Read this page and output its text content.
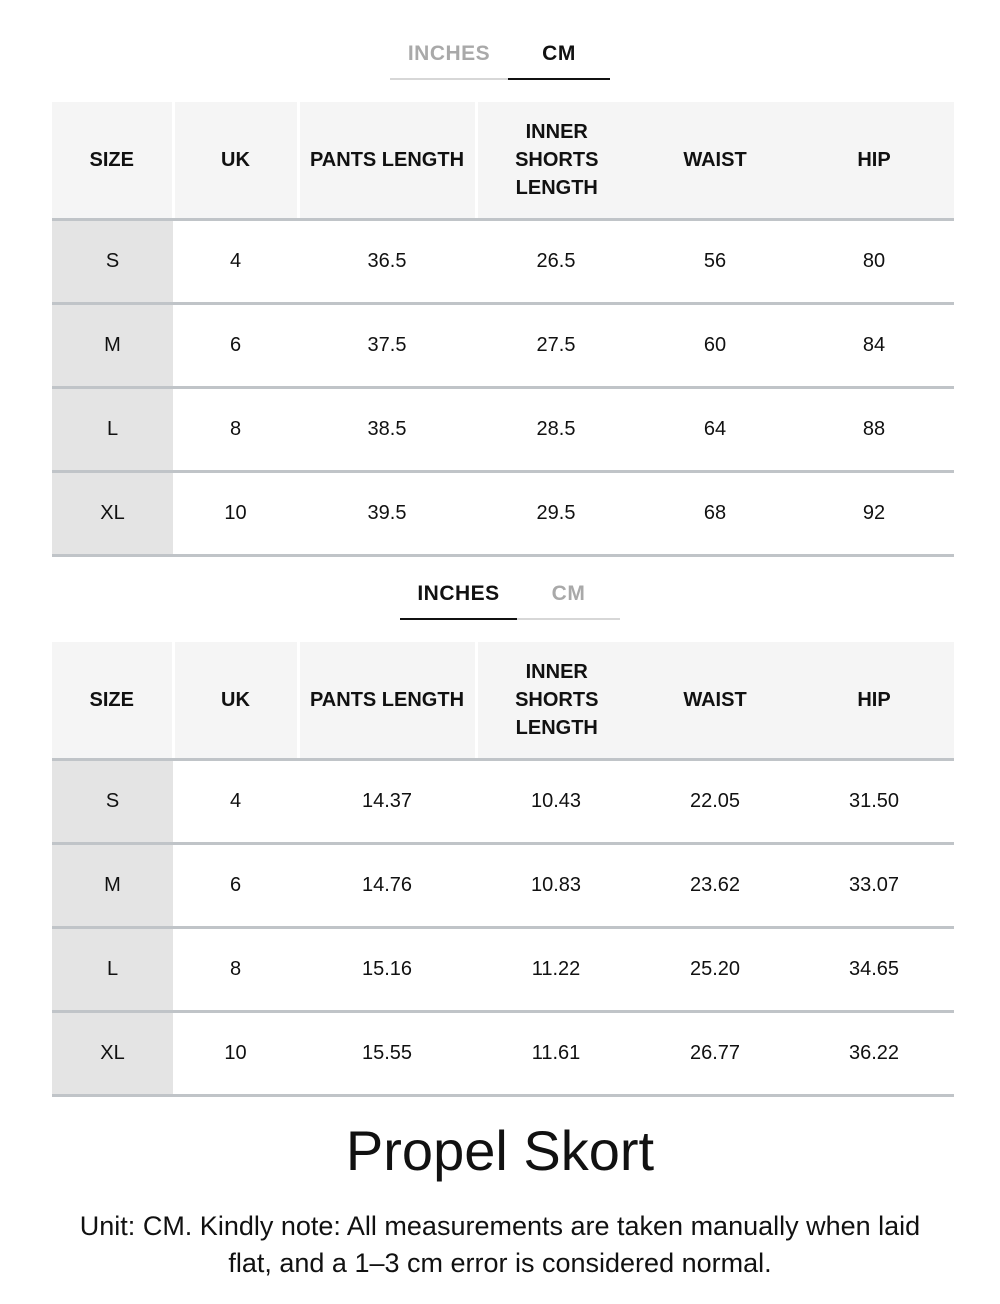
INCHES	CM
SIZE	UK	PANTS LENGTH	INNER SHORTS LENGTH	WAIST	HIP
S	4	36.5	26.5	56	80
M	6	37.5	27.5	60	84
L	8	38.5	28.5	64	88
XL	10	39.5	29.5	68	92
INCHES	CM
SIZE	UK	PANTS LENGTH	INNER SHORTS LENGTH	WAIST	HIP
S	4	14.37	10.43	22.05	31.50
M	6	14.76	10.83	23.62	33.07
L	8	15.16	11.22	25.20	34.65
XL	10	15.55	11.61	26.77	36.22
Propel Skort
Unit: CM. Kindly note: All measurements are taken manually when laid
flat, and a 1–3 cm error is considered normal.
